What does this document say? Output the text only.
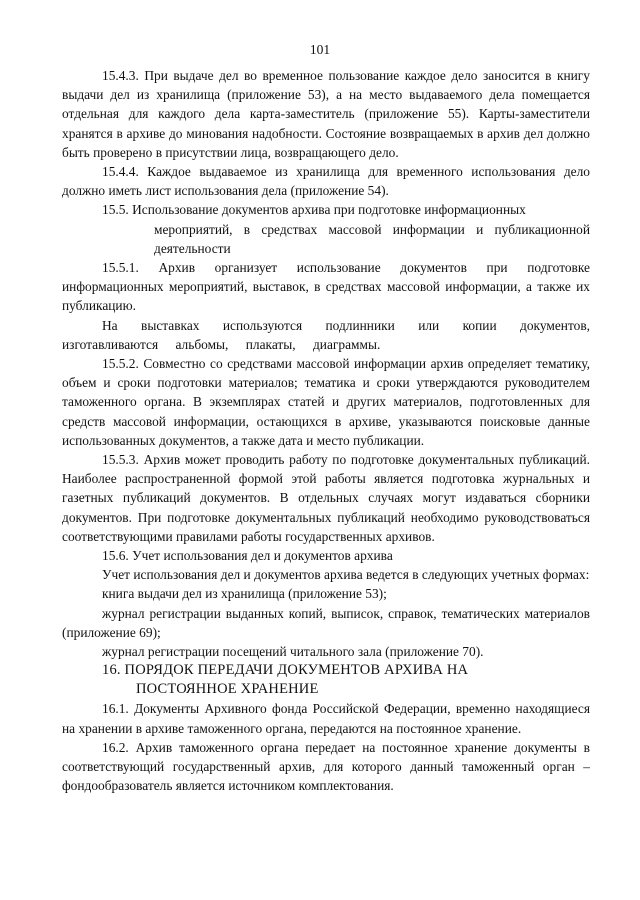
101

15.4.3. При выдаче дел во временное пользование каждое дело заносится в книгу выдачи дел из хранилища (приложение 53), а на место выдаваемого дела помещается отдельная для каждого дела карта-заместитель (приложение 55). Карты-заместители хранятся в архиве до минования надобности. Состояние возвращаемых в архив дел должно быть проверено в присутствии лица, возвращающего дело.

15.4.4. Каждое выдаваемое из хранилища для временного использования дело должно иметь лист использования дела (приложение 54).

15.5. Использование документов архива при подготовке информационных
мероприятий, в средствах массовой информации и публикационной деятельности

15.5.1. Архив организует использование документов при подготовке информационных мероприятий, выставок, в средствах массовой информации, а также их публикацию.

На выставках используются подлинники или копии документов, изготавливаются альбомы, плакаты, диаграммы.

15.5.2. Совместно со средствами массовой информации архив определяет тематику, объем и сроки подготовки материалов; тематика и сроки утверждаются руководителем таможенного органа. В экземплярах статей и других материалов, подготовленных для средств массовой информации, остающихся в архиве, указываются поисковые данные использованных документов, а также дата и место публикации.

15.5.3. Архив может проводить работу по подготовке документальных публикаций. Наиболее распространенной формой этой работы является подготовка журнальных и газетных публикаций документов. В отдельных случаях могут издаваться сборники документов. При подготовке документальных публикаций необходимо руководствоваться соответствующими правилами работы государственных архивов.

15.6. Учет использования дел и документов архива

Учет использования дел и документов архива ведется в следующих учетных формах:

книга выдачи дел из хранилища (приложение 53);

журнал регистрации выданных копий, выписок, справок, тематических материалов (приложение 69);

журнал регистрации посещений читального зала (приложение 70).

16. ПОРЯДОК ПЕРЕДАЧИ ДОКУМЕНТОВ АРХИВА НА
ПОСТОЯННОЕ ХРАНЕНИЕ

16.1. Документы Архивного фонда Российской Федерации, временно находящиеся на хранении в архиве таможенного органа, передаются на постоянное хранение.

16.2. Архив таможенного органа передает на постоянное хранение документы в соответствующий государственный архив, для которого данный таможенный орган – фондообразователь является источником комплектования.
